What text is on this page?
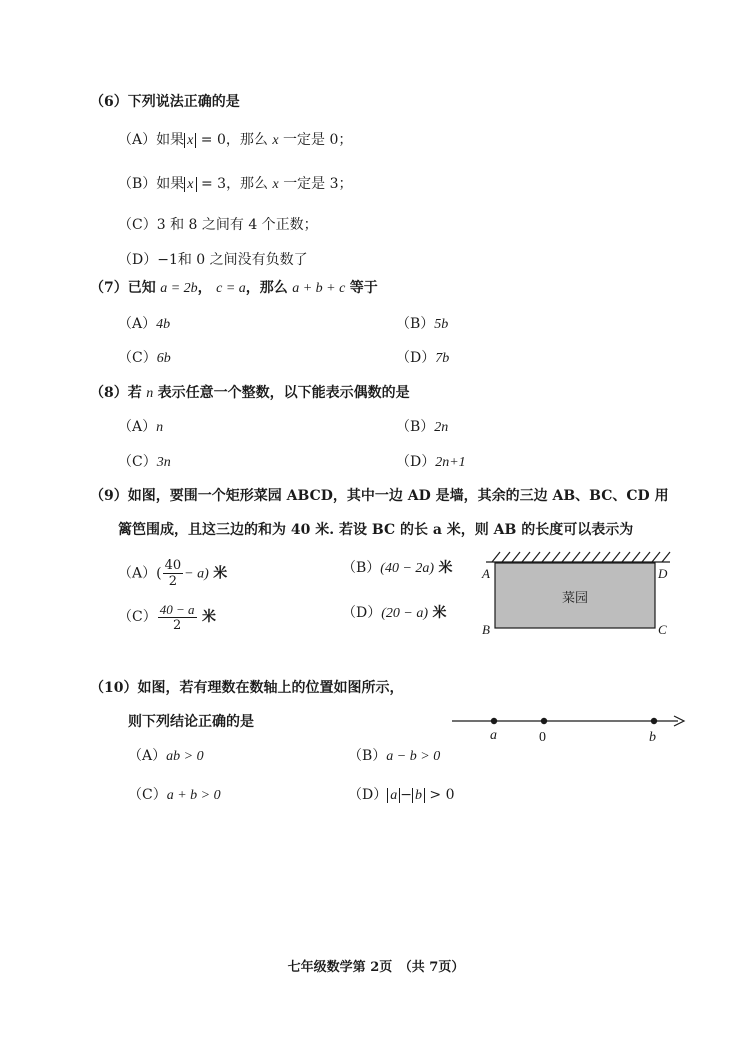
（6）下列说法正确的是
（A）如果 x = 0，那么 x 一定是 0；
（B）如果 x = 3，那么 x 一定是 3；
（C）3 和 8 之间有 4 个正数；
（D）−1和 0 之间没有负数了
（7）已知 a = 2b， c = a，那么 a + b + c 等于
（A）4b	（B）5b
（C）6b	（D）7b
（8）若 n 表示任意一个整数，以下能表示偶数的是
（A）n	（B）2n
（C）3n	（D）2n+1
（9）如图，要围一个矩形菜园 ABCD，其中一边 AD 是墙，其余的三边 AB、BC、CD 用
篱笆围成，且这三边的和为 40 米. 若设 BC 的长 a 米，则 AB 的长度可以表示为
$(A)( \frac{40}{2} - a)$ 米	（B）(40 − 2a) 米
$(C) \frac{40 - a}{2}$ 米	（D）(20 − a) 米
菜园
A	D
B	C
（10）如图，若有理数在数轴上的位置如图所示，
则下列结论正确的是
a	0	b
（A）ab > 0	（B）a − b > 0
（C）a + b > 0	（D） a − b > 0
七年级数学第 2页　（共 7页）
